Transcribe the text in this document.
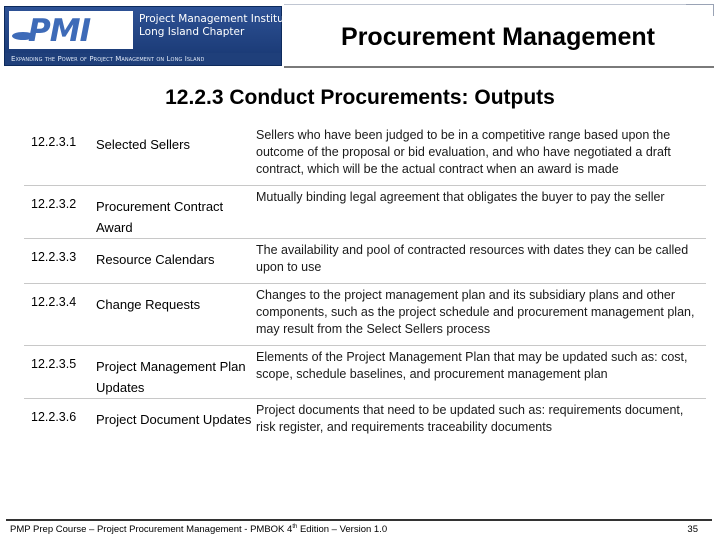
PMI	Project Management Institute
Long Island Chapter
Expanding the Power of Project Management on Long Island
Procurement Management
12.2.3 Conduct Procurements: Outputs
12.2.3.1	Selected Sellers	Sellers who have been judged to be in a competitive range based upon the outcome of the proposal or bid evaluation, and who have negotiated a draft contract, which will be the actual contract when an award is made
12.2.3.2	Procurement Contract Award	Mutually binding legal agreement that obligates the buyer to pay the seller
12.2.3.3	Resource Calendars	The availability and pool of contracted resources with dates they can be called upon to use
12.2.3.4	Change Requests	Changes to the project management plan and its subsidiary plans and other components, such as the project schedule and procurement management plan, may result from the Select Sellers process
12.2.3.5	Project Management Plan Updates	Elements of the Project Management Plan that may be updated such as: cost, scope, schedule baselines, and procurement management plan
12.2.3.6	Project Document Updates	Project documents that need to be updated such as: requirements document, risk register, and requirements traceability documents
PMP Prep Course – Project Procurement Management - PMBOK 4th Edition – Version 1.0	35
